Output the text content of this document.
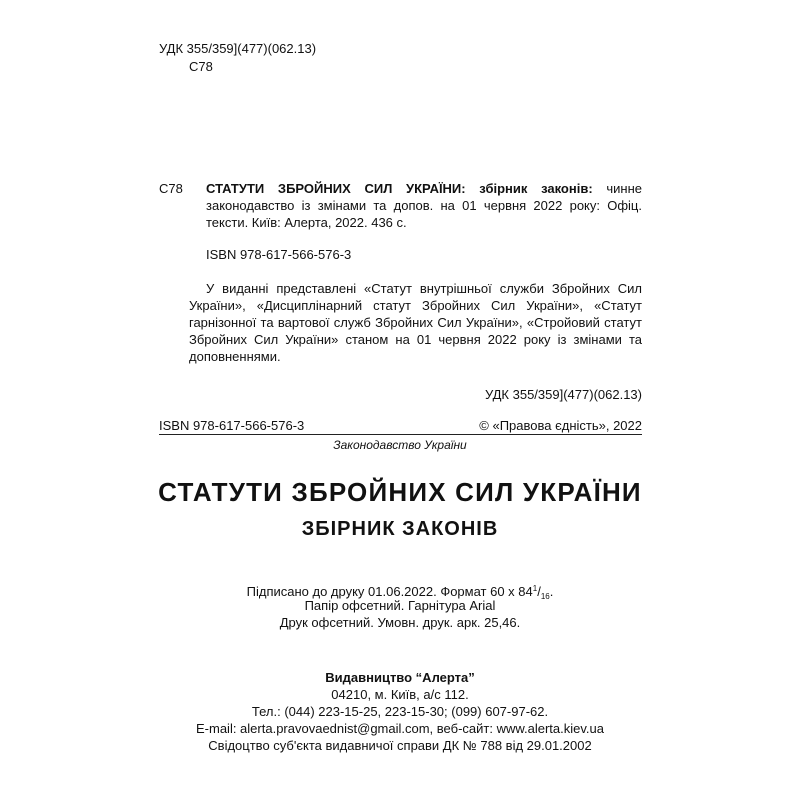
УДК 355/359](477)(062.13)
С78
С78 СТАТУТИ ЗБРОЙНИХ СИЛ УКРАЇНИ: збірник законів: чинне законодавство із змінами та допов. на 01 червня 2022 року: Офіц. тексти. Київ: Алерта, 2022. 436 с.
ISBN 978-617-566-576-3
У виданні представлені «Статут внутрішньої служби Збройних Сил України», «Дисциплінарний статут Збройних Сил України», «Статут гарнізонної та вартової служб Збройних Сил України», «Стройовий статут Збройних Сил України» станом на 01 червня 2022 року із змінами та доповненнями.
УДК 355/359](477)(062.13)
ISBN 978-617-566-576-3	© «Правова єдність», 2022
Законодавство України
СТАТУТИ ЗБРОЙНИХ СИЛ УКРАЇНИ
ЗБІРНИК ЗАКОНІВ
Підписано до друку 01.06.2022. Формат 60 х $84^1/_{16}$.
Папір офсетний. Гарнітура Arial
Друк офсетний. Умовн. друк. арк. 25,46.
Видавництво “Алерта”
04210, м. Київ, а/с 112.
Тел.: (044) 223-15-25, 223-15-30; (099) 607-97-62.
E-mail: alerta.pravovaednist@gmail.com, веб-сайт: www.alerta.kiev.ua
Свідоцтво суб'єкта видавничої справи ДК № 788 від 29.01.2002
